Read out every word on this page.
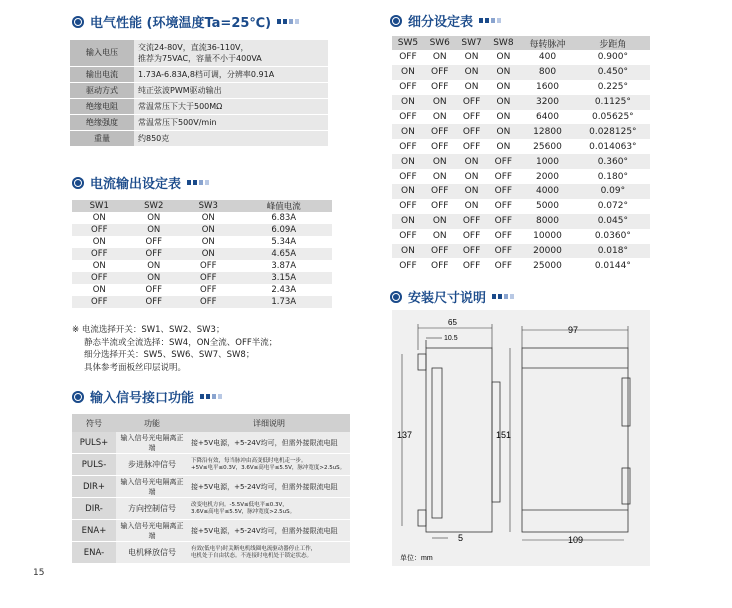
电气性能 (环境温度Ta=25℃)
电流输出设定表
输入信号接口功能
细分设定表
安装尺寸说明
输入电压	交流24-80V，直流36-110V，
推荐为75VAC，容量不小于400VA

输出电流	1.73A-6.83A,8档可调，分辨率0.91A

驱动方式	纯正弦波PWM驱动输出

绝缘电阻	常温常压下大于500MΩ

绝缘强度	常温常压下500V/min

重量	约850克
SW1	SW2	SW3	峰值电流
ON	ON	ON	6.83A
OFF	ON	ON	6.09A
ON	OFF	ON	5.34A
OFF	OFF	ON	4.65A
ON	ON	OFF	3.87A
OFF	ON	OFF	3.15A
ON	OFF	OFF	2.43A
OFF	OFF	OFF	1.73A
※ 电流选择开关：SW1、SW2、SW3；
静态半流或全流选择：SW4，ON全流、OFF半流；
细分选择开关：SW5、SW6、SW7、SW8；
具体参考面板丝印层说明。
符号	功能	详细说明
PULS+	输入信号光电隔离正端	接+5V电源，+5-24V均可，但需外接限流电阻

PULS-	步进脉冲信号	下降沿有效，每当脉冲由高变低时电机走一步。
+5V≤电平≤0.3V，3.6V≤高电平≤5.5V，脉冲宽度>2.5uS。

DIR+	输入信号光电隔离正端	接+5V电源，+5-24V均可，但需外接限流电阻

DIR-	方向控制信号	改变电机方向。-5.5V≤低电平≤0.3V，
3.6V≤高电平≤5.5V，脉冲宽度>2.5uS。

ENA+	输入信号光电隔离正端	接+5V电源，+5-24V均可，但需外接限流电阻

ENA-	电机释放信号	有效(低电平)时关断电机线圈电流驱动器停止工作，
电机处于自由状态。不连接时电机处于锁定状态。
SW5	SW6	SW7	SW8	每转脉冲	步距角
OFF	ON	ON	ON	400	0.900°
ON	OFF	ON	ON	800	0.450°
OFF	OFF	ON	ON	1600	0.225°
ON	ON	OFF	ON	3200	0.1125°
OFF	ON	OFF	ON	6400	0.05625°
ON	OFF	OFF	ON	12800	0.028125°
OFF	OFF	OFF	ON	25600	0.014063°
ON	ON	ON	OFF	1000	0.360°
OFF	ON	ON	OFF	2000	0.180°
ON	OFF	ON	OFF	4000	0.09°
OFF	OFF	ON	OFF	5000	0.072°
ON	ON	OFF	OFF	8000	0.045°
OFF	ON	OFF	OFF	10000	0.0360°
ON	OFF	OFF	OFF	20000	0.018°
OFF	OFF	OFF	OFF	25000	0.0144°
65
10.5
137	151
5
97
109
单位：mm
15
